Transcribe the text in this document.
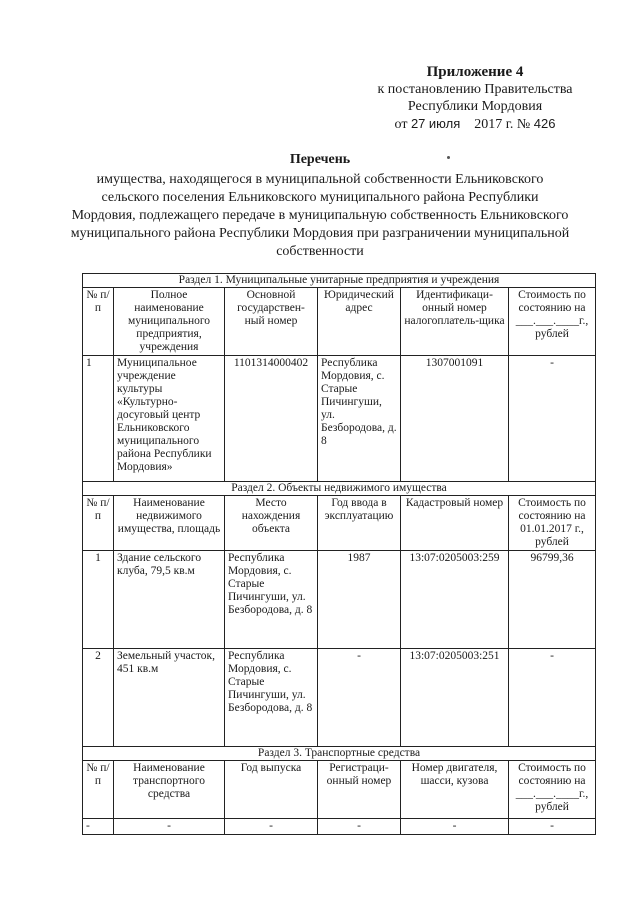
Приложение 4
к постановлению Правительства
Республики Мордовия
от 27 июля 2017 г. № 426
Перечень
имущества, находящегося в муниципальной собственности Ельниковского сельского поселения Ельниковского муниципального района Республики Мордовия, подлежащего передаче в муниципальную собственность Ельниковского муниципального района Республики Мордовия при разграничении муниципальной собственности
Раздел 1. Муниципальные унитарные предприятия и учреждения					
№ п/п	Полное наименование муниципального предприятия, учреждения	Основной государствен-ный номер	Юридический адрес	Идентификаци-онный номер налогоплатель-щика	Стоимость по состоянию на ___.___.____г., рублей
1	Муниципальное учреждение культуры «Культурно-досуговый центр Ельниковского муниципального района Республики Мордовия»	1101314000402	Республика Мордовия, с. Старые Пичингуши, ул. Безбородова, д. 8	1307001091	-
Раздел 2. Объекты недвижимого имущества					
№ п/п	Наименование недвижимого имущества, площадь	Место нахождения объекта	Год ввода в эксплуатацию	Кадастровый номер	Стоимость по состоянию на 01.01.2017 г., рублей
1	Здание сельского клуба, 79,5 кв.м	Республика Мордовия, с. Старые Пичингуши, ул. Безбородова, д. 8	1987	13:07:0205003:259	96799,36
2	Земельный участок, 451 кв.м	Республика Мордовия, с. Старые Пичингуши, ул. Безбородова, д. 8	-	13:07:0205003:251	-
Раздел 3. Транспортные средства					
№ п/п	Наименование транспортного средства	Год выпуска	Регистраци-онный номер	Номер двигателя, шасси, кузова	Стоимость по состоянию на ___.___.____г., рублей
-	-	-	-	-	-
